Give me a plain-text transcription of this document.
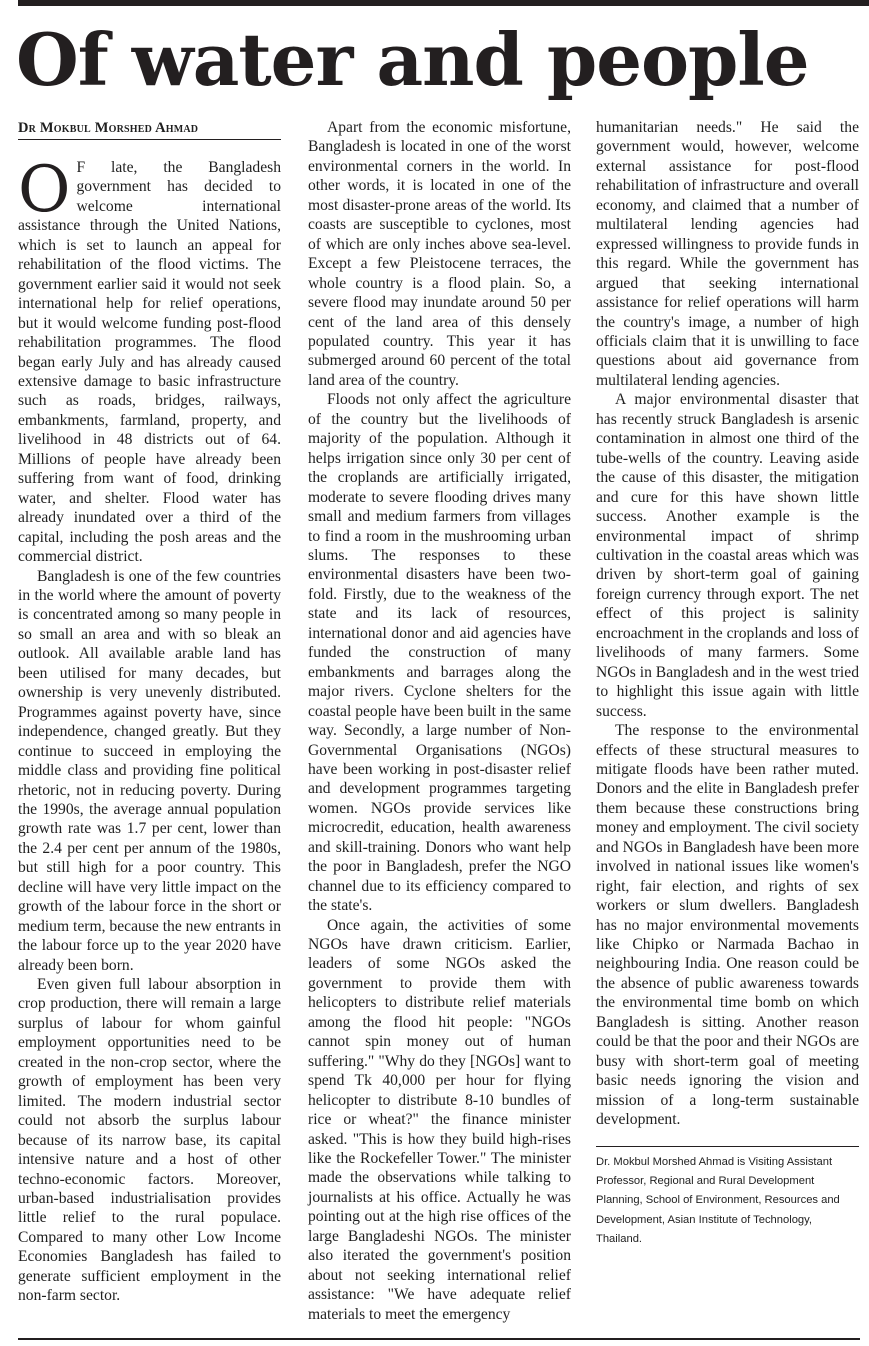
Of water and people
Dr Mokbul Morshed Ahmad

O F late, the Bangladesh government has decided to welcome international assistance through the United Nations, which is set to launch an appeal for rehabilitation of the flood victims. The government earlier said it would not seek international help for relief operations, but it would welcome funding post-flood rehabilitation programmes. The flood began early July and has already caused extensive damage to basic infrastructure such as roads, bridges, railways, embankments, farmland, property, and livelihood in 48 districts out of 64. Millions of people have already been suffering from want of food, drinking water, and shelter. Flood water has already inundated over a third of the capital, including the posh areas and the commercial district.

Bangladesh is one of the few countries in the world where the amount of poverty is concentrated among so many people in so small an area and with so bleak an outlook. All available arable land has been utilised for many decades, but ownership is very unevenly distributed. Programmes against poverty have, since independence, changed greatly. But they continue to succeed in employing the middle class and providing fine political rhetoric, not in reducing poverty. During the 1990s, the average annual population growth rate was 1.7 per cent, lower than the 2.4 per cent per annum of the 1980s, but still high for a poor country. This decline will have very little impact on the growth of the labour force in the short or medium term, because the new entrants in the labour force up to the year 2020 have already been born.

Even given full labour absorption in crop production, there will remain a large surplus of labour for whom gainful employment opportunities need to be created in the non-crop sector, where the growth of employment has been very limited. The modern industrial sector could not absorb the surplus labour because of its narrow base, its capital intensive nature and a host of other techno-economic factors. Moreover, urban-based industrialisation provides little relief to the rural populace. Compared to many other Low Income Economies Bangladesh has failed to generate sufficient employment in the non-farm sector.

Apart from the economic misfortune, Bangladesh is located in one of the worst environmental corners in the world. In other words, it is located in one of the most disaster-prone areas of the world. Its coasts are susceptible to cyclones, most of which are only inches above sea-level. Except a few Pleistocene terraces, the whole country is a flood plain. So, a severe flood may inundate around 50 per cent of the land area of this densely populated country. This year it has submerged around 60 percent of the total land area of the country.

Floods not only affect the agriculture of the country but the livelihoods of majority of the population. Although it helps irrigation since only 30 per cent of the croplands are artificially irrigated, moderate to severe flooding drives many small and medium farmers from villages to find a room in the mushrooming urban slums. The responses to these environmental disasters have been two-fold. Firstly, due to the weakness of the state and its lack of resources, international donor and aid agencies have funded the construction of many embankments and barrages along the major rivers. Cyclone shelters for the coastal people have been built in the same way. Secondly, a large number of Non-Governmental Organisations (NGOs) have been working in post-disaster relief and development programmes targeting women. NGOs provide services like microcredit, education, health awareness and skill-training. Donors who want help the poor in Bangladesh, prefer the NGO channel due to its efficiency compared to the state's.

Once again, the activities of some NGOs have drawn criticism. Earlier, leaders of some NGOs asked the government to provide them with helicopters to distribute relief materials among the flood hit people: "NGOs cannot spin money out of human suffering." "Why do they [NGOs] want to spend Tk 40,000 per hour for flying helicopter to distribute 8-10 bundles of rice or wheat?" the finance minister asked. "This is how they build high-rises like the Rockefeller Tower." The minister made the observations while talking to journalists at his office. Actually he was pointing out at the high rise offices of the large Bangladeshi NGOs. The minister also iterated the government's position about not seeking international relief assistance: "We have adequate relief materials to meet the emergency

humanitarian needs." He said the government would, however, welcome external assistance for post-flood rehabilitation of infrastructure and overall economy, and claimed that a number of multilateral lending agencies had expressed willingness to provide funds in this regard. While the government has argued that seeking international assistance for relief operations will harm the country's image, a number of high officials claim that it is unwilling to face questions about aid governance from multilateral lending agencies.

A major environmental disaster that has recently struck Bangladesh is arsenic contamination in almost one third of the tube-wells of the country. Leaving aside the cause of this disaster, the mitigation and cure for this have shown little success. Another example is the environmental impact of shrimp cultivation in the coastal areas which was driven by short-term goal of gaining foreign currency through export. The net effect of this project is salinity encroachment in the croplands and loss of livelihoods of many farmers. Some NGOs in Bangladesh and in the west tried to highlight this issue again with little success.

The response to the environmental effects of these structural measures to mitigate floods have been rather muted. Donors and the elite in Bangladesh prefer them because these constructions bring money and employment. The civil society and NGOs in Bangladesh have been more involved in national issues like women's right, fair election, and rights of sex workers or slum dwellers. Bangladesh has no major environmental movements like Chipko or Narmada Bachao in neighbouring India. One reason could be the absence of public awareness towards the environmental time bomb on which Bangladesh is sitting. Another reason could be that the poor and their NGOs are busy with short-term goal of meeting basic needs ignoring the vision and mission of a long-term sustainable development.

Dr. Mokbul Morshed Ahmad is Visiting Assistant Professor, Regional and Rural Development Planning, School of Environment, Resources and Development, Asian Institute of Technology, Thailand.
